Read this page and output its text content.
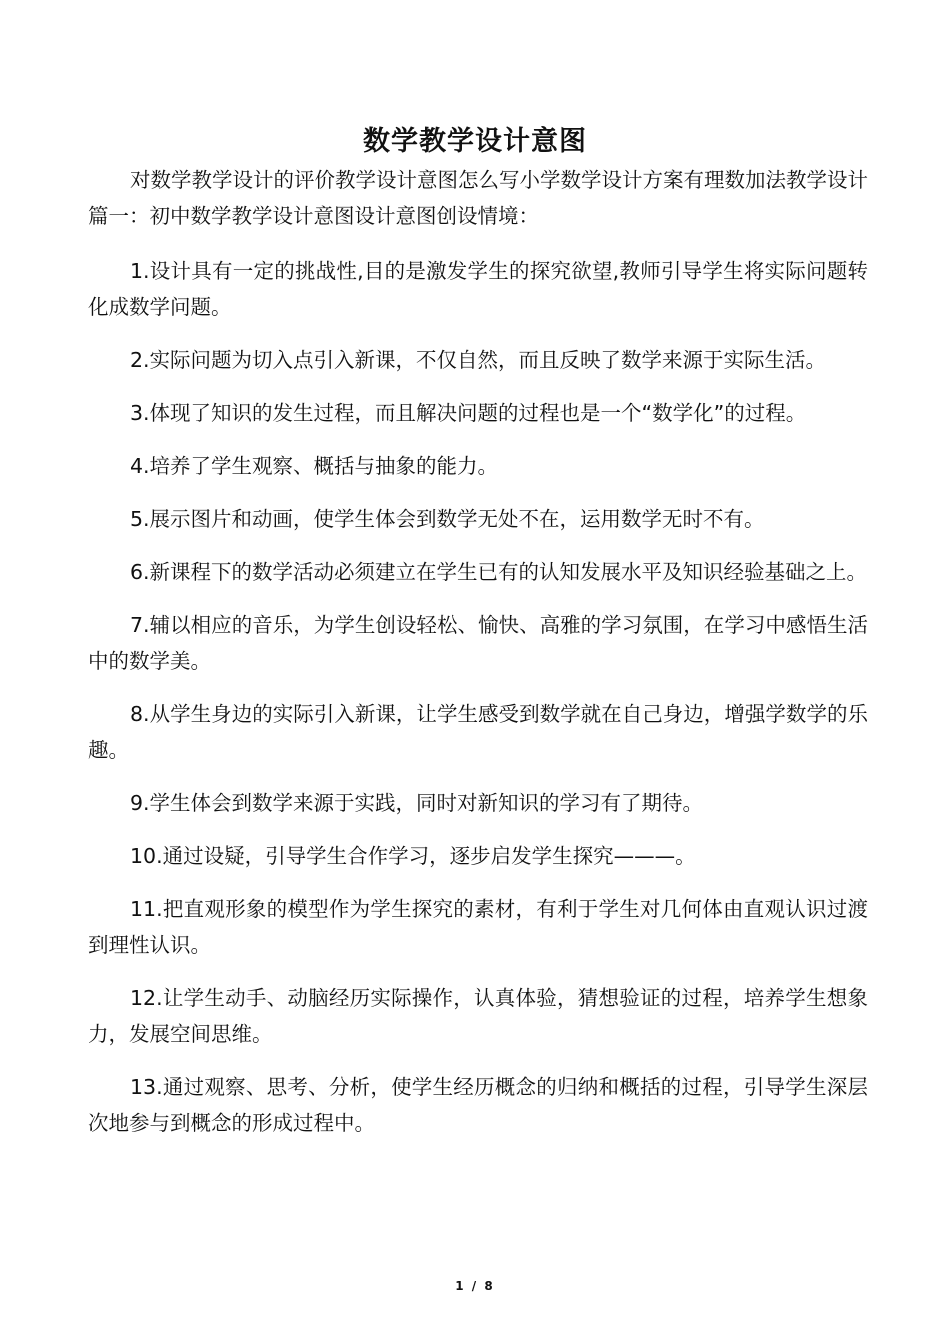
数学教学设计意图

对数学教学设计的评价教学设计意图怎么写小学数学设计方案有理数加法教学设计篇一：初中数学教学设计意图设计意图创设情境：

1.设计具有一定的挑战性,目的是激发学生的探究欲望,教师引导学生将实际问题转化成数学问题。

2.实际问题为切入点引入新课，不仅自然，而且反映了数学来源于实际生活。

3.体现了知识的发生过程，而且解决问题的过程也是一个“数学化”的过程。

4.培养了学生观察、概括与抽象的能力。

5.展示图片和动画，使学生体会到数学无处不在，运用数学无时不有。

6.新课程下的数学活动必须建立在学生已有的认知发展水平及知识经验基础之上。

7.辅以相应的音乐，为学生创设轻松、愉快、高雅的学习氛围，在学习中感悟生活中的数学美。

8.从学生身边的实际引入新课，让学生感受到数学就在自己身边，增强学数学的乐趣。

9.学生体会到数学来源于实践，同时对新知识的学习有了期待。

10.通过设疑，引导学生合作学习，逐步启发学生探究———。

11.把直观形象的模型作为学生探究的素材，有利于学生对几何体由直观认识过渡到理性认识。

12.让学生动手、动脑经历实际操作，认真体验，猜想验证的过程，培养学生想象力，发展空间思维。

13.通过观察、思考、分析，使学生经历概念的归纳和概括的过程，引导学生深层次地参与到概念的形成过程中。

1 / 8
